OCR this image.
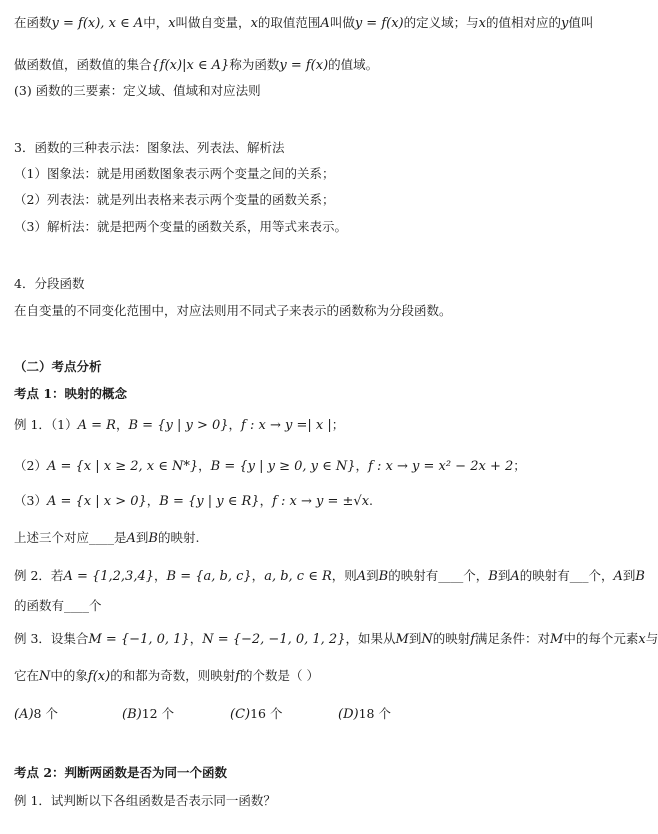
在函数y = f(x), x ∈ A中，x叫做自变量，x的取值范围A叫做y = f(x)的定义域；与x的值相对应的y值叫
做函数值，函数值的集合{f(x)|x ∈ A}称为函数y = f(x)的值域。
(3) 函数的三要素：定义域、值域和对应法则
3．函数的三种表示法：图象法、列表法、解析法
（1）图象法：就是用函数图象表示两个变量之间的关系；
（2）列表法：就是列出表格来表示两个变量的函数关系；
（3）解析法：就是把两个变量的函数关系，用等式来表示。
4．分段函数
在自变量的不同变化范围中，对应法则用不同式子来表示的函数称为分段函数。
（二）考点分析
考点 1：映射的概念
例 1．（1）A = R，B = {y | y > 0}，f : x → y =| x |；
（2）A = {x | x ≥ 2, x ∈ N*}，B = {y | y ≥ 0, y ∈ N}，f : x → y = x² − 2x + 2；
（3）A = {x | x > 0}，B = {y | y ∈ R}，f : x → y = ±√x.
上述三个对应____是A到B的映射.
例 2．若A = {1,2,3,4}，B = {a, b, c}，a, b, c ∈ R，则A到B的映射有____个，B到A的映射有___个，A到B
的函数有____个
例 3．设集合M = {−1, 0, 1}，N = {−2, −1, 0, 1, 2}，如果从M到N的映射f满足条件：对M中的每个元素x与
它在N中的象f(x)的和都为奇数，则映射f的个数是（ ）
(A)8 个	(B)12 个	(C)16 个	(D)18 个
考点 2：判断两函数是否为同一个函数
例 1．试判断以下各组函数是否表示同一函数？
